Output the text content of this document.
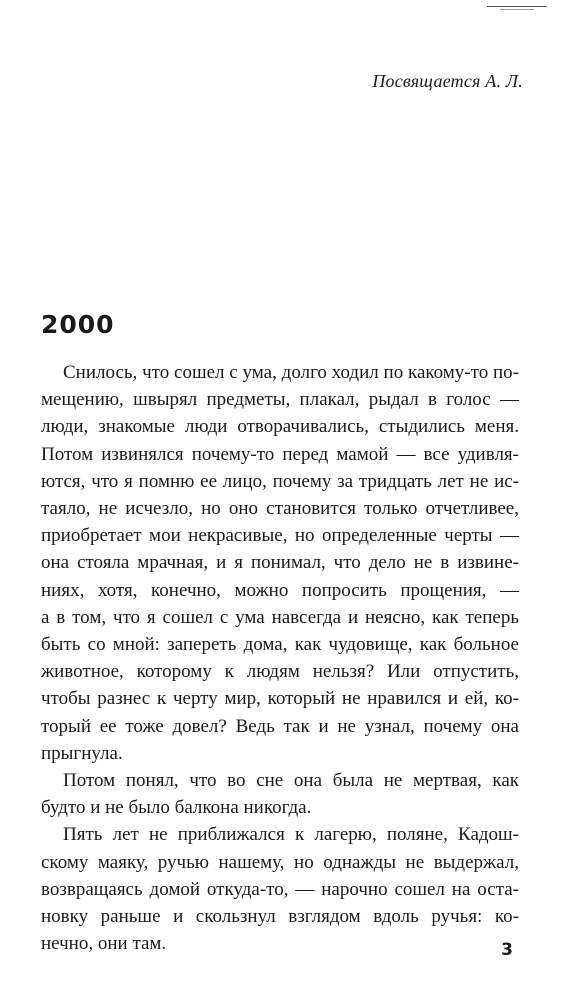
Посвящается А. Л.
2000
Снилось, что сошел с ума, долго ходил по какому-то по-
мещению, швырял предметы, плакал, рыдал в голос —
люди, знакомые люди отворачивались, стыдились меня.
Потом извинялся почему-то перед мамой — все удивля-
ются, что я помню ее лицо, почему за тридцать лет не ис-
таяло, не исчезло, но оно становится только отчетливее,
приобретает мои некрасивые, но определенные черты —
она стояла мрачная, и я понимал, что дело не в извине-
ниях, хотя, конечно, можно попросить прощения, —
а в том, что я сошел с ума навсегда и неясно, как теперь
быть со мной: запереть дома, как чудовище, как больное
животное, которому к людям нельзя? Или отпустить,
чтобы разнес к черту мир, который не нравился и ей, ко-
торый ее тоже довел? Ведь так и не узнал, почему она
прыгнула.
Потом понял, что во сне она была не мертвая, как
будто и не было балкона никогда.
Пять лет не приближался к лагерю, поляне, Кадош-
скому маяку, ручью нашему, но однажды не выдержал,
возвращаясь домой откуда-то, — нарочно сошел на оста-
новку раньше и скользнул взглядом вдоль ручья: ко-
нечно, они там.	3
